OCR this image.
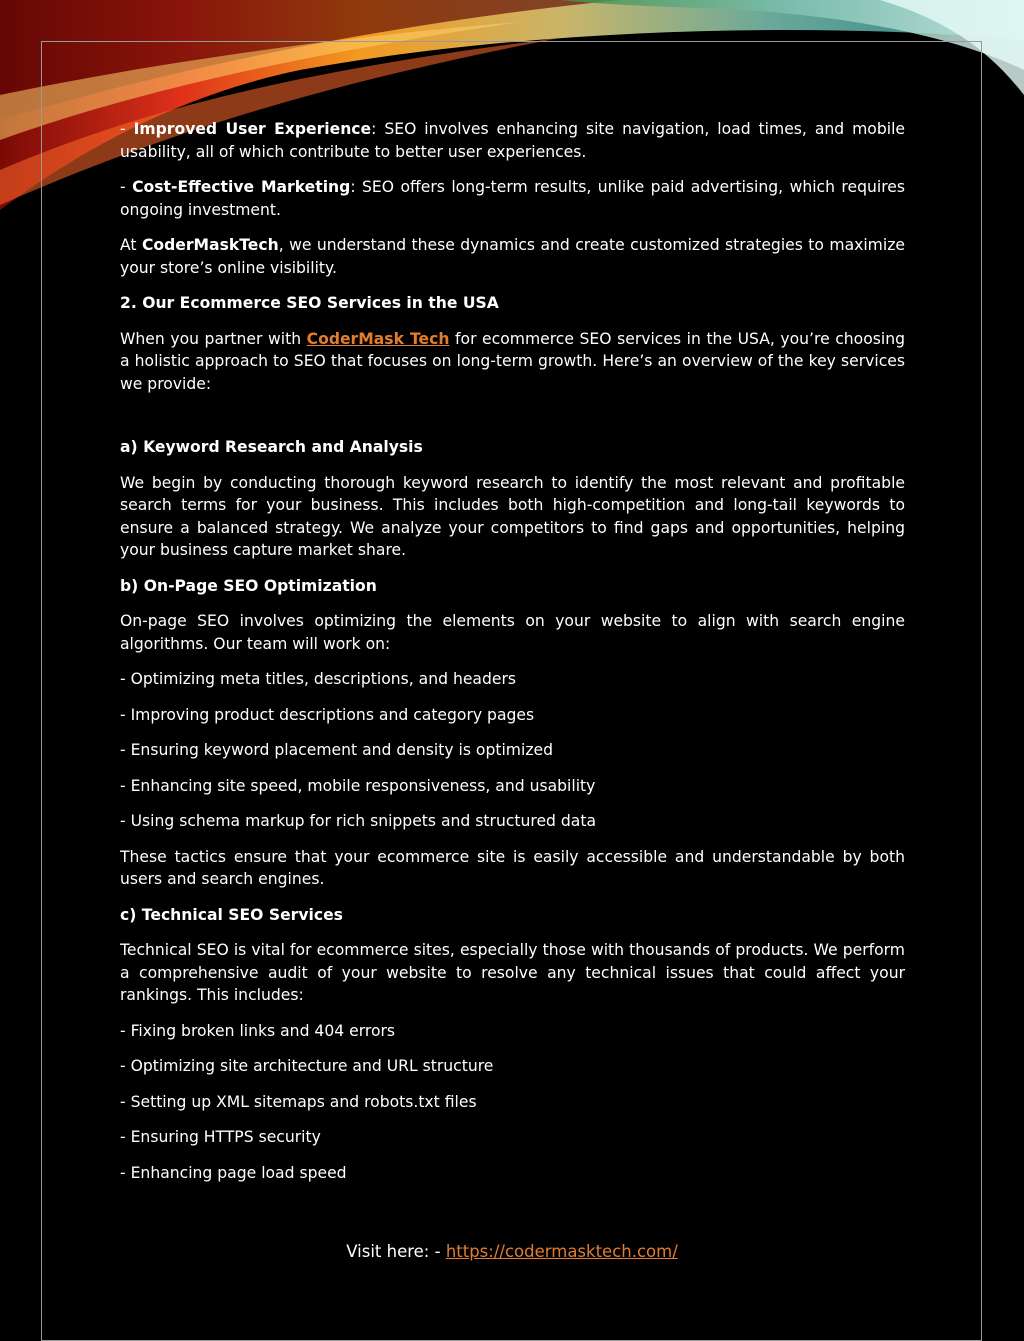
- Improved User Experience: SEO involves enhancing site navigation, load times, and mobile usability, all of which contribute to better user experiences.

- Cost-Effective Marketing: SEO offers long-term results, unlike paid advertising, which requires ongoing investment.

At CoderMaskTech, we understand these dynamics and create customized strategies to maximize your store’s online visibility.

2. Our Ecommerce SEO Services in the USA

When you partner with CoderMask Tech for ecommerce SEO services in the USA, you’re choosing a holistic approach to SEO that focuses on long-term growth. Here’s an overview of the key services we provide:

a) Keyword Research and Analysis

We begin by conducting thorough keyword research to identify the most relevant and profitable search terms for your business. This includes both high-competition and long-tail keywords to ensure a balanced strategy. We analyze your competitors to find gaps and opportunities, helping your business capture market share.

b) On-Page SEO Optimization

On-page SEO involves optimizing the elements on your website to align with search engine algorithms. Our team will work on:

- Optimizing meta titles, descriptions, and headers

- Improving product descriptions and category pages

- Ensuring keyword placement and density is optimized

- Enhancing site speed, mobile responsiveness, and usability

- Using schema markup for rich snippets and structured data

These tactics ensure that your ecommerce site is easily accessible and understandable by both users and search engines.

c) Technical SEO Services

Technical SEO is vital for ecommerce sites, especially those with thousands of products. We perform a comprehensive audit of your website to resolve any technical issues that could affect your rankings. This includes:

- Fixing broken links and 404 errors

- Optimizing site architecture and URL structure

- Setting up XML sitemaps and robots.txt files

- Ensuring HTTPS security

- Enhancing page load speed

Visit here: - https://codermasktech.com/
